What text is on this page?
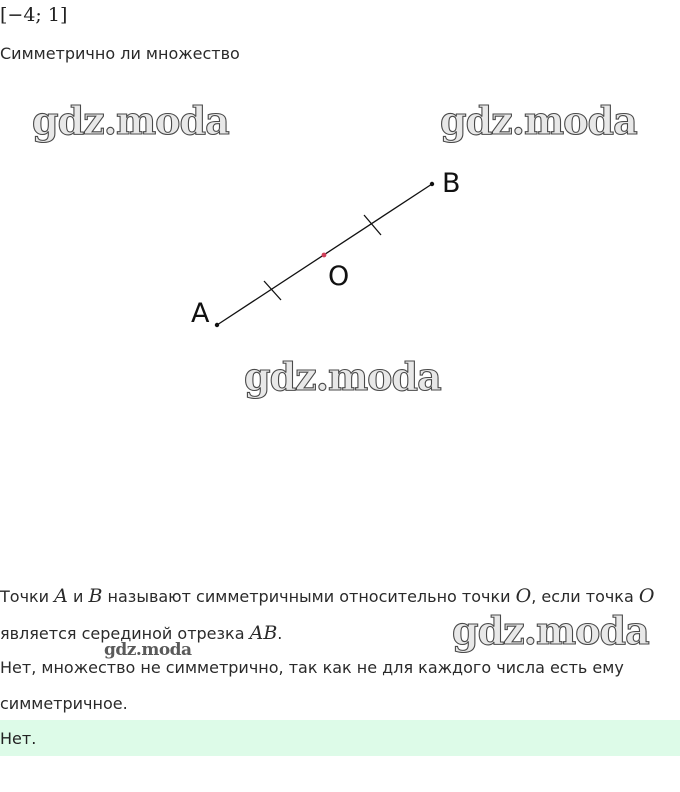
[−4; 1]
Симметрично ли множество
gdz.moda	gdz.moda
gdz.moda
A
B
O
Точки A и B называют симметричными относительно точки O, если точка O
является серединой отрезка AB.
gdz.moda	gdz.moda
Нет, множество не симметрично, так как не для каждого числа есть ему симметричное.
Нет.
